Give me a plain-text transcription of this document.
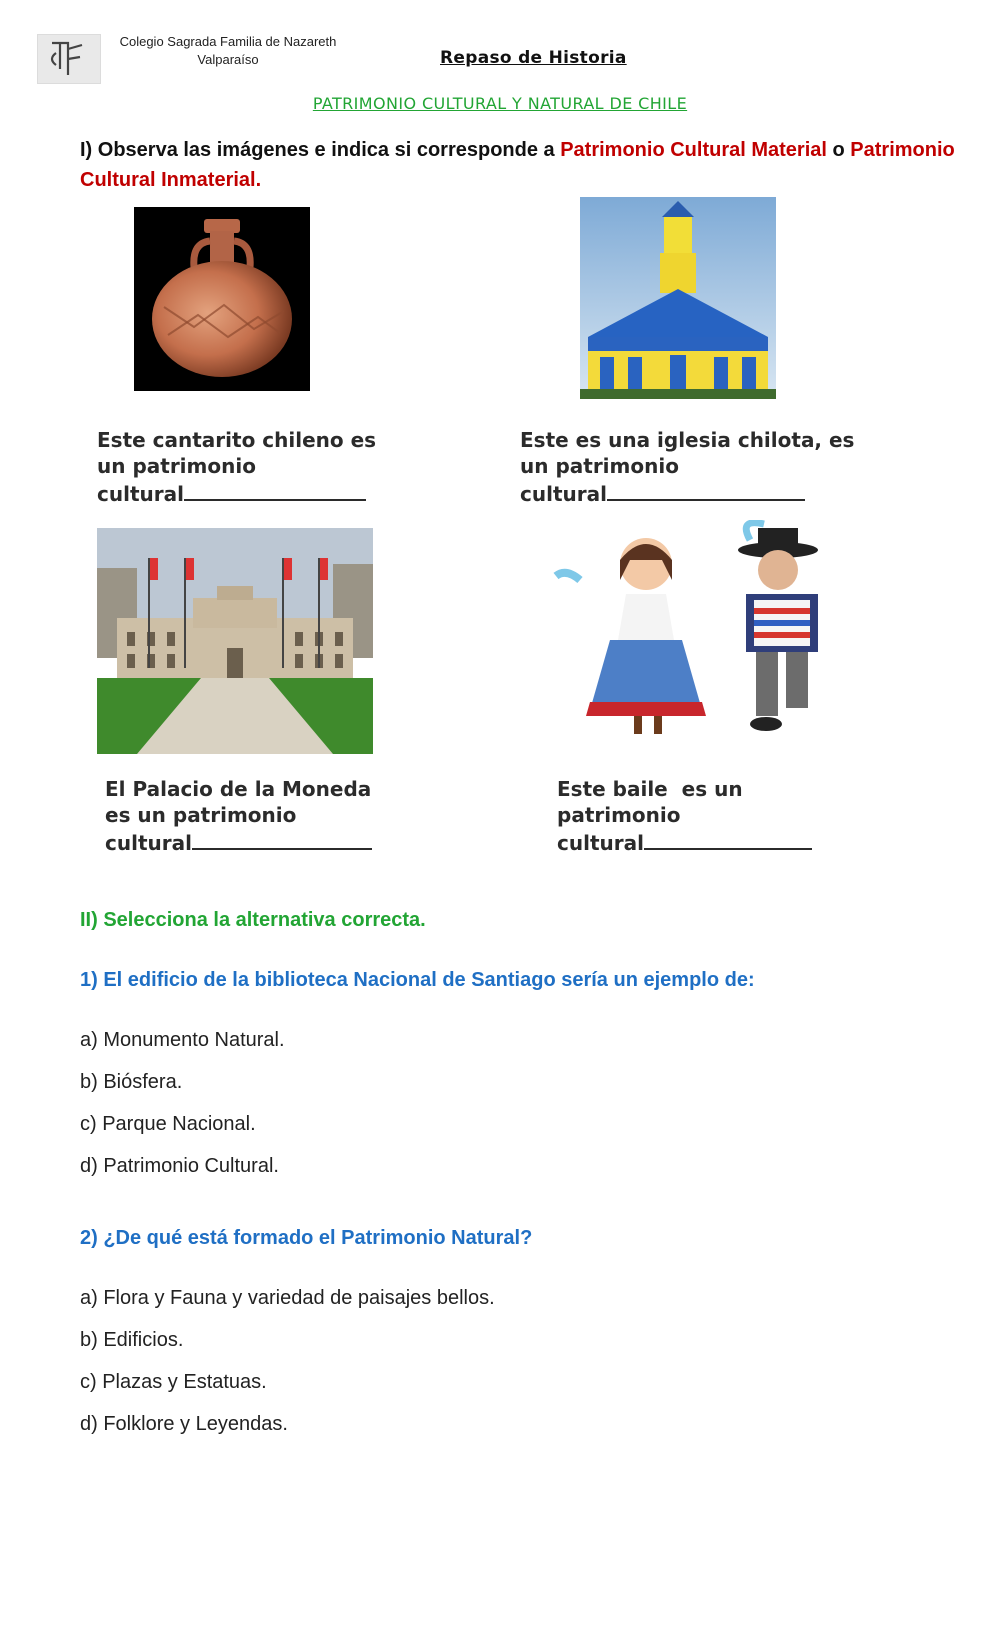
Colegio Sagrada Familia de Nazareth
Valparaíso	Repaso de Historia
PATRIMONIO CULTURAL Y NATURAL DE CHILE
I) Observa las imágenes e indica si corresponde a Patrimonio Cultural Material o Patrimonio Cultural Inmaterial.
Este cantarito chileno es
un patrimonio
cultural
Este es una iglesia chilota, es
un patrimonio
cultural
El Palacio de la Moneda
es un patrimonio
cultural
Este baile  es un
patrimonio
cultural
II) Selecciona la alternativa correcta.
1) El edificio de la biblioteca Nacional de Santiago sería un ejemplo de:
a) Monumento Natural.
b) Biósfera.
c) Parque Nacional.
d) Patrimonio Cultural.
2) ¿De qué está formado el Patrimonio Natural?
a) Flora y Fauna y variedad de paisajes bellos.
b) Edificios.
c) Plazas y Estatuas.
d) Folklore y Leyendas.
